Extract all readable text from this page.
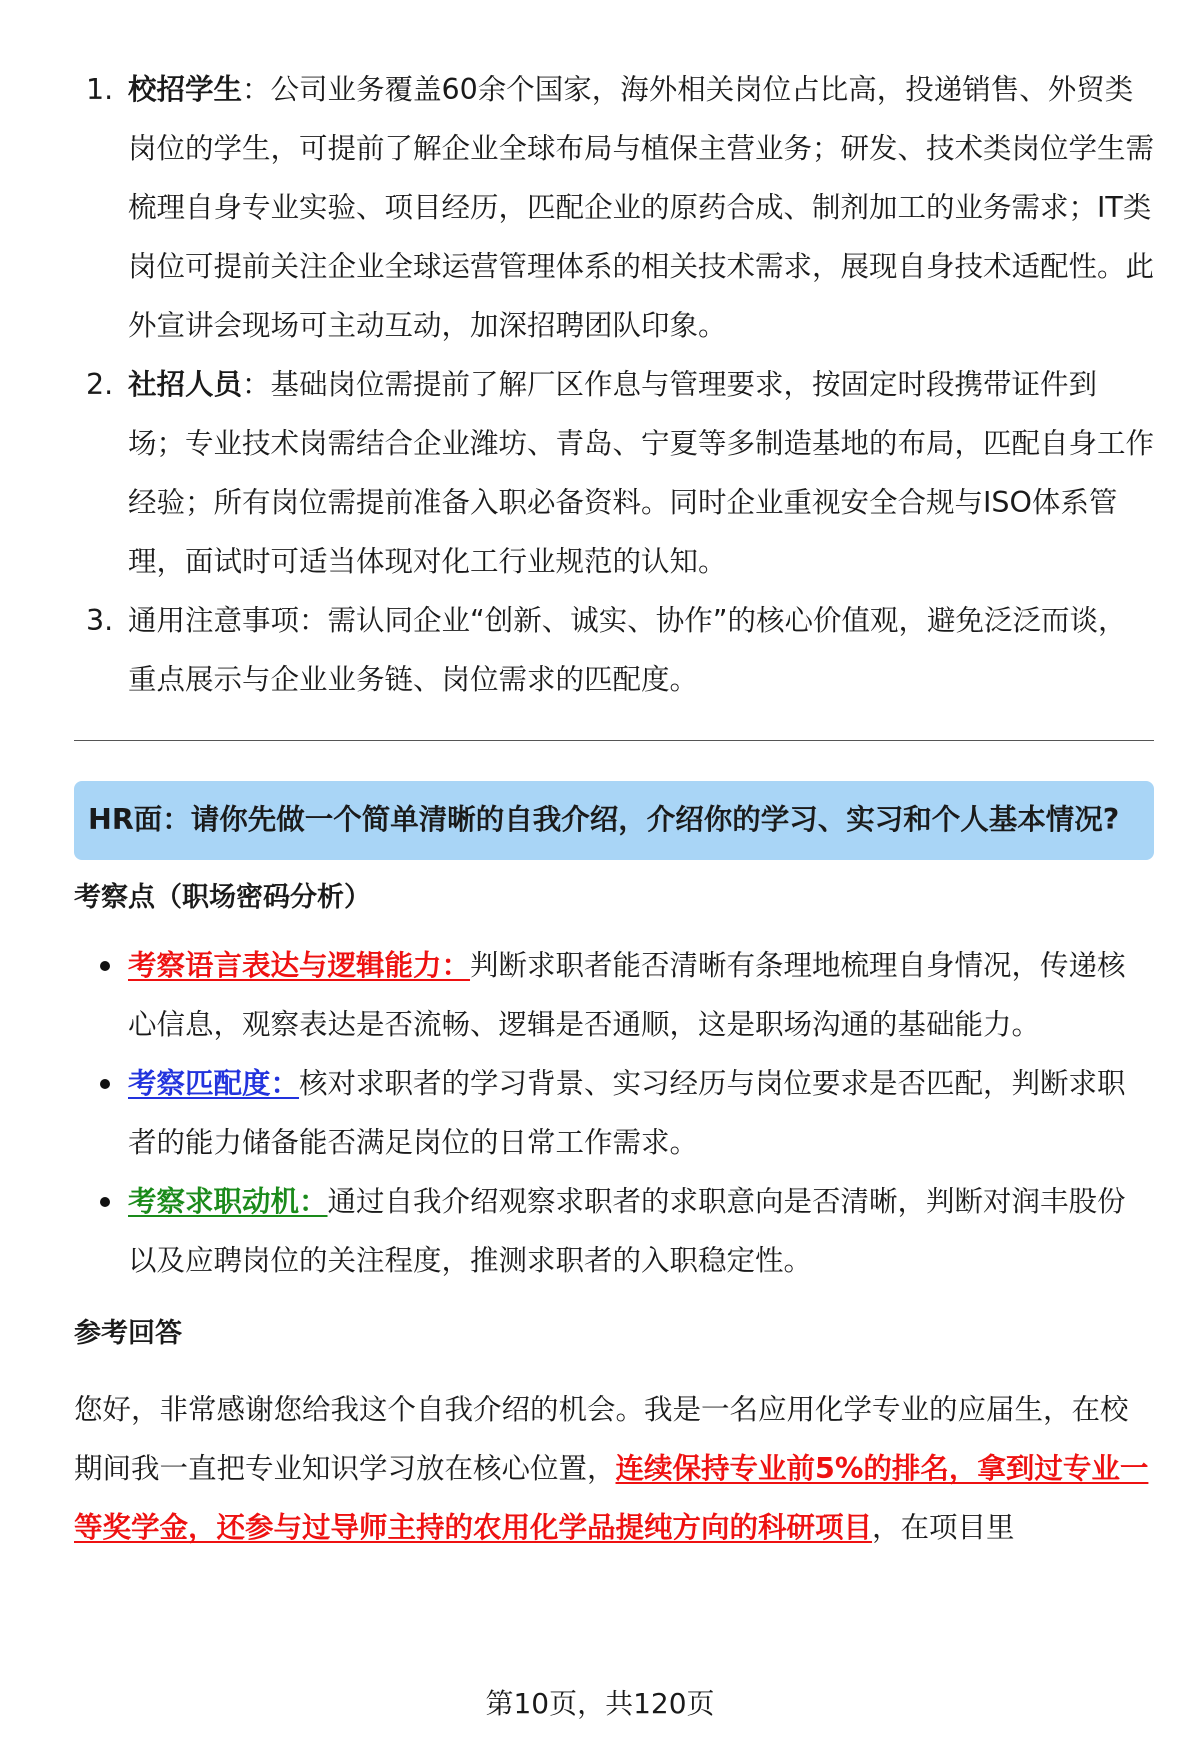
1. 校招学生：公司业务覆盖60余个国家，海外相关岗位占比高，投递销售、外贸类岗位的学生，可提前了解企业全球布局与植保主营业务；研发、技术类岗位学生需梳理自身专业实验、项目经历，匹配企业的原药合成、制剂加工的业务需求；IT类岗位可提前关注企业全球运营管理体系的相关技术需求，展现自身技术适配性。此外宣讲会现场可主动互动，加深招聘团队印象。
2. 社招人员：基础岗位需提前了解厂区作息与管理要求，按固定时段携带证件到场；专业技术岗需结合企业潍坊、青岛、宁夏等多制造基地的布局，匹配自身工作经验；所有岗位需提前准备入职必备资料。同时企业重视安全合规与ISO体系管理，面试时可适当体现对化工行业规范的认知。
3. 通用注意事项：需认同企业“创新、诚实、协作”的核心价值观，避免泛泛而谈，重点展示与企业业务链、岗位需求的匹配度。
HR面：请你先做一个简单清晰的自我介绍，介绍你的学习、实习和个人基本情况?
考察点（职场密码分析）
考察语言表达与逻辑能力：判断求职者能否清晰有条理地梳理自身情况，传递核心信息，观察表达是否流畅、逻辑是否通顺，这是职场沟通的基础能力。
考察匹配度：核对求职者的学习背景、实习经历与岗位要求是否匹配，判断求职者的能力储备能否满足岗位的日常工作需求。
考察求职动机：通过自我介绍观察求职者的求职意向是否清晰，判断对润丰股份以及应聘岗位的关注程度，推测求职者的入职稳定性。
参考回答
您好，非常感谢您给我这个自我介绍的机会。我是一名应用化学专业的应届生，在校期间我一直把专业知识学习放在核心位置，连续保持专业前5%的排名，拿到过专业一等奖学金，还参与过导师主持的农用化学品提纯方向的科研项目，在项目里
第10页，共120页
